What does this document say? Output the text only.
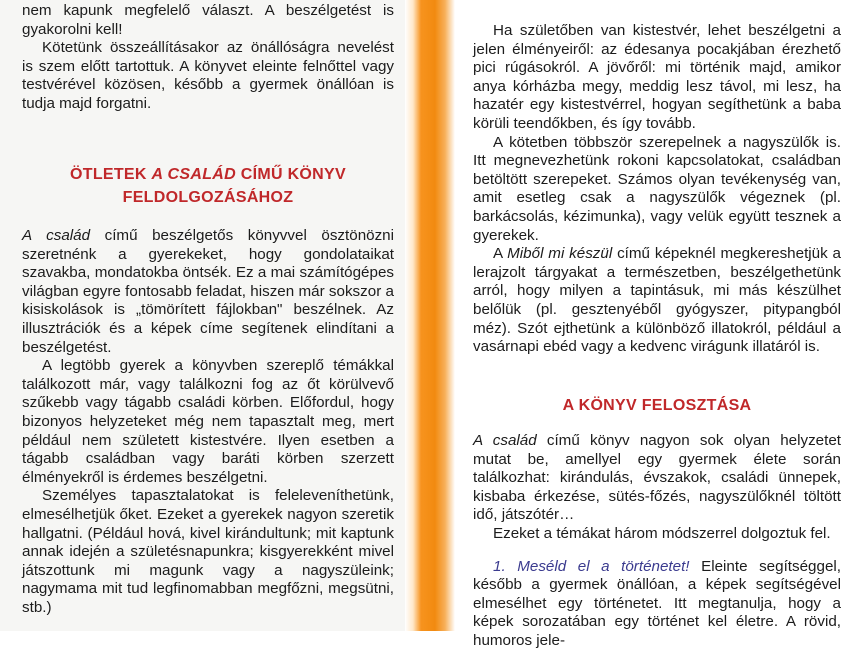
nem kapunk megfelelő választ. A beszélgetést is gyakorolni kell!

Kötetünk összeállításakor az önállóságra nevelést is szem előtt tartottuk. A könyvet eleinte felnőttel vagy testvérével közösen, később a gyermek önállóan is tudja majd forgatni.

ÖTLETEK A CSALÁD CÍMŰ KÖNYV

FELDOLGOZÁSÁHOZ

A család című beszélgetős könyvvel ösztönözni szeretnénk a gyerekeket, hogy gondolataikat szavakba, mondatokba öntsék. Ez a mai számítógépes világban egyre fontosabb feladat, hiszen már sokszor a kisiskolások is „tömörített fájlokban" beszélnek. Az illusztrációk és a képek címe segítenek elindítani a beszélgetést.

A legtöbb gyerek a könyvben szereplő témákkal találkozott már, vagy találkozni fog az őt körülvevő szűkebb vagy tágabb családi körben. Előfordul, hogy bizonyos helyzeteket még nem tapasztalt meg, mert például nem született kistestvére. Ilyen esetben a tágabb családban vagy baráti körben szerzett élményekről is érdemes beszélgetni.

Személyes tapasztalatokat is feleleveníthetünk, elmesélhetjük őket. Ezeket a gyerekek nagyon szeretik hallgatni. (Például hová, kivel kirándultunk; mit kaptunk annak idején a születésnapunkra; kisgyerekként mivel játszottunk mi magunk vagy a nagyszüleink; nagymama mit tud legfinomabban megfőzni, megsütni, stb.)

Ha születőben van kistestvér, lehet beszélgetni a jelen élményeiről: az édesanya pocakjában érezhető pici rúgásokról. A jövőről: mi történik majd, amikor anya kórházba megy, meddig lesz távol, mi lesz, ha hazatér egy kistestvérrel, hogyan segíthetünk a baba körüli teendőkben, és így tovább.

A kötetben többször szerepelnek a nagyszülők is. Itt megnevezhetünk rokoni kapcsolatokat, családban betöltött szerepeket. Számos olyan tevékenység van, amit esetleg csak a nagyszülők végeznek (pl. barkácsolás, kézimunka), vagy velük együtt tesznek a gyerekek.

A Miből mi készül című képeknél megkereshetjük a lerajzolt tárgyakat a természetben, beszélgethetünk arról, hogy milyen a tapintásuk, mi más készülhet belőlük (pl. gesztenyéből gyógyszer, pitypangból méz). Szót ejthetünk a különböző illatokról, például a vasárnapi ebéd vagy a kedvenc virágunk illatáról is.

A KÖNYV FELOSZTÁSA

A család című könyv nagyon sok olyan helyzetet mutat be, amellyel egy gyermek élete során találkozhat: kirándulás, évszakok, családi ünnepek, kisbaba érkezése, sütés-főzés, nagyszülőknél töltött idő, játszótér…

Ezeket a témákat három módszerrel dolgoztuk fel.

1. Meséld el a történetet! Eleinte segítséggel, később a gyermek önállóan, a képek segítségével elmesélhet egy történetet. Itt megtanulja, hogy a képek sorozatában egy történet kel életre. A rövid, humoros jele-
